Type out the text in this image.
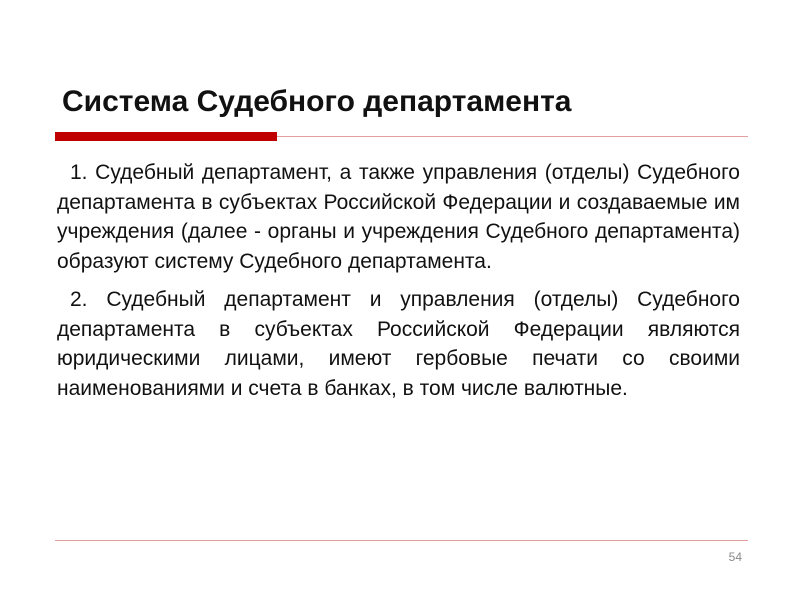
Система Судебного департамента

1. Судебный департамент, а также управления (отделы) Судебного департамента в субъектах Российской Федерации и создаваемые им учреждения (далее - органы и учреждения Судебного департамента) образуют систему Судебного департамента.

2. Судебный департамент и управления (отделы) Судебного департамента в субъектах Российской Федерации являются юридическими лицами, имеют гербовые печати со своими наименованиями и счета в банках, в том числе валютные.

54
